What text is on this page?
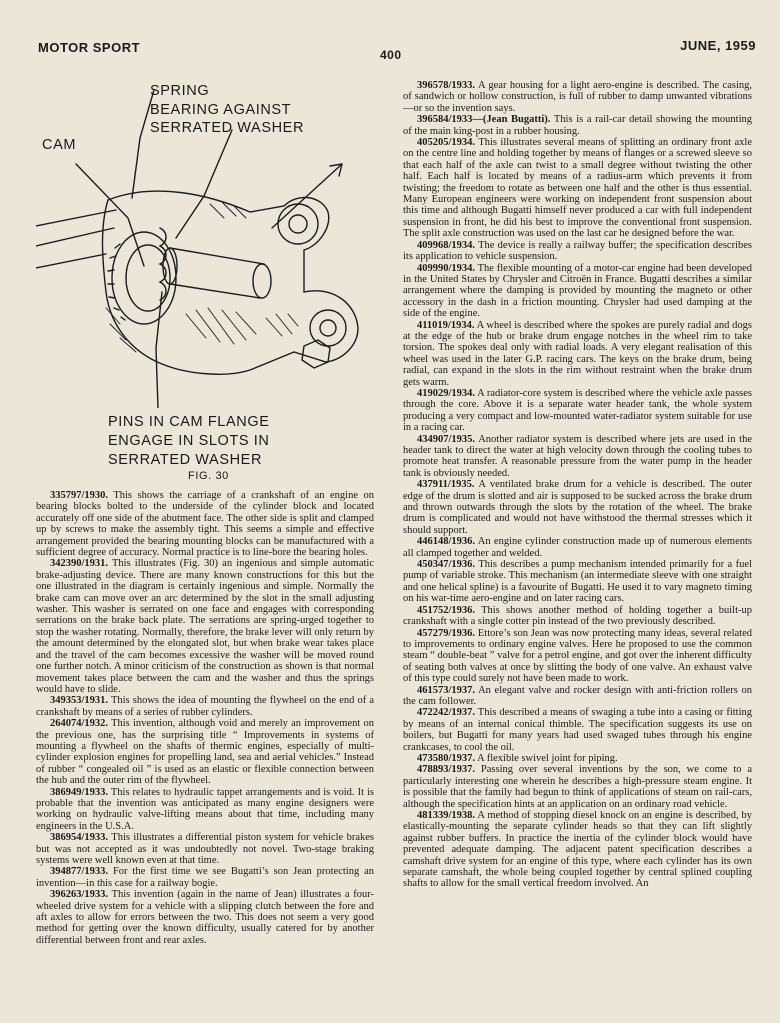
MOTOR SPORT	400
JUNE, 1959
SPRING
BEARING AGAINST
SERRATED WASHER
CAM
PINS IN CAM FLANGE
ENGAGE IN SLOTS IN
SERRATED WASHER
FIG. 30

335797/1930. This shows the carriage of a crankshaft of an engine on bearing blocks bolted to the underside of the cylinder block and located accurately off one side of the abutment face. The other side is split and clamped up by screws to make the assembly tight. This seems a simple and effective arrangement provided the bearing mounting blocks can be manufactured with a sufficient degree of accuracy. Normal practice is to line-bore the bearing holes.

342390/1931. This illustrates (Fig. 30) an ingenious and simple automatic brake-adjusting device. There are many known constructions for this but the one illustrated in the diagram is certainly ingenious and simple. Normally the brake cam can move over an arc determined by the slot in the small adjusting washer. This washer is serrated on one face and engages with corresponding serrations on the brake back plate. The serrations are spring-urged together to stop the washer rotating. Normally, therefore, the brake lever will only return by the amount determined by the elongated slot, but when brake wear takes place and the travel of the cam becomes excessive the washer will be moved round one further notch. A minor criticism of the construction as shown is that normal movement takes place between the cam and the washer and thus the springs would have to slide.

349353/1931. This shows the idea of mounting the flywheel on the end of a crankshaft by means of a series of rubber cylinders.

264074/1932. This invention, although void and merely an improvement on the previous one, has the surprising title “ Improvements in systems of mounting a flywheel on the shafts of thermic engines, especially of multi-cylinder explosion engines for propelling land, sea and aerial vehicles.” Instead of rubber “ congealed oil ” is used as an elastic or flexible connection between the hub and the outer rim of the flywheel.

386949/1933. This relates to hydraulic tappet arrangements and is void. It is probable that the invention was anticipated as many engine designers were working on hydraulic valve-lifting means about that time, including many engineers in the U.S.A.

386954/1933. This illustrates a differential piston system for vehicle brakes but was not accepted as it was undoubtedly not novel. Two-stage braking systems were well known even at that time.

394877/1933. For the first time we see Bugatti’s son Jean protecting an invention—in this case for a railway bogie.

396263/1933. This invention (again in the name of Jean) illustrates a four-wheeled drive system for a vehicle with a slipping clutch between the fore and aft axles to allow for errors between the two. This does not seem a very good method for getting over the known difficulty, usually catered for by another differential between front and rear axles.

396578/1933. A gear housing for a light aero-engine is described. The casing, of sandwich or hollow construction, is full of rubber to damp unwanted vibrations—or so the invention says.

396584/1933—(Jean Bugatti). This is a rail-car detail showing the mounting of the main king-post in a rubber housing.

405205/1934. This illustrates several means of splitting an ordinary front axle on the centre line and holding together by means of flanges or a screwed sleeve so that each half of the axle can twist to a small degree without twisting the other half. Each half is located by means of a radius-arm which prevents it from twisting; the freedom to rotate as between one half and the other is thus essential. Many European engineers were working on independent front suspension about this time and although Bugatti himself never produced a car with full independent suspension in front, he did his best to improve the conventional front suspension. The split axle construction was used on the last car he designed before the war.

409968/1934. The device is really a railway buffer; the specification describes its application to vehicle suspension.

409990/1934. The flexible mounting of a motor-car engine had been developed in the United States by Chrysler and Citroën in France. Bugatti describes a similar arrangement where the damping is provided by mounting the magneto or other accessory in the dash in a friction mounting. Chrysler had used damping at the side of the engine.

411019/1934. A wheel is described where the spokes are purely radial and dogs at the edge of the hub or brake drum engage notches in the wheel rim to take torsion. The spokes deal only with radial loads. A very elegant realisation of this wheel was used in the later G.P. racing cars. The keys on the brake drum, being radial, can expand in the slots in the rim without restraint when the brake drum gets warm.

419029/1934. A radiator-core system is described where the vehicle axle passes through the core. Above it is a separate water header tank, the whole system producing a very compact and low-mounted water-radiator system suitable for use in a racing car.

434907/1935. Another radiator system is described where jets are used in the header tank to direct the water at high velocity down through the cooling tubes to promote heat transfer. A reasonable pressure from the water pump in the header tank is obviously needed.

437911/1935. A ventilated brake drum for a vehicle is described. The outer edge of the drum is slotted and air is supposed to be sucked across the brake drum and thrown outwards through the slots by the rotation of the wheel. The brake drum is complicated and would not have withstood the thermal stresses which it should support.

446148/1936. An engine cylinder construction made up of numerous elements all clamped together and welded.

450347/1936. This describes a pump mechanism intended primarily for a fuel pump of variable stroke. This mechanism (an intermediate sleeve with one straight and one helical spline) is a favourite of Bugatti. He used it to vary magneto timing on his war-time aero-engine and on later racing cars.

451752/1936. This shows another method of holding together a built-up crankshaft with a single cotter pin instead of the two previously described.

457279/1936. Ettore’s son Jean was now protecting many ideas, several related to improvements to ordinary engine valves. Here he proposed to use the common steam “ double-beat ” valve for a petrol engine, and got over the inherent difficulty of seating both valves at once by slitting the body of one valve. An exhaust valve of this type could surely not have been made to work.

461573/1937. An elegant valve and rocker design with anti-friction rollers on the cam follower.

472242/1937. This described a means of swaging a tube into a casing or fitting by means of an internal conical thimble. The specification suggests its use on boilers, but Bugatti for many years had used swaged tubes through his engine crankcases, to cool the oil.

473580/1937. A flexible swivel joint for piping.

478893/1937. Passing over several inventions by the son, we come to a particularly interesting one wherein he describes a high-pressure steam engine. It is possible that the family had begun to think of applications of steam on rail-cars, although the specification hints at an application on an ordinary road vehicle.

481339/1938. A method of stopping diesel knock on an engine is described, by elastically-mounting the separate cylinder heads so that they can lift slightly against rubber buffers. In practice the inertia of the cylinder block would have prevented adequate damping. The adjacent patent specification describes a camshaft drive system for an engine of this type, where each cylinder has its own separate camshaft, the whole being coupled together by central splined coupling shafts to allow for the small vertical freedom involved. An
